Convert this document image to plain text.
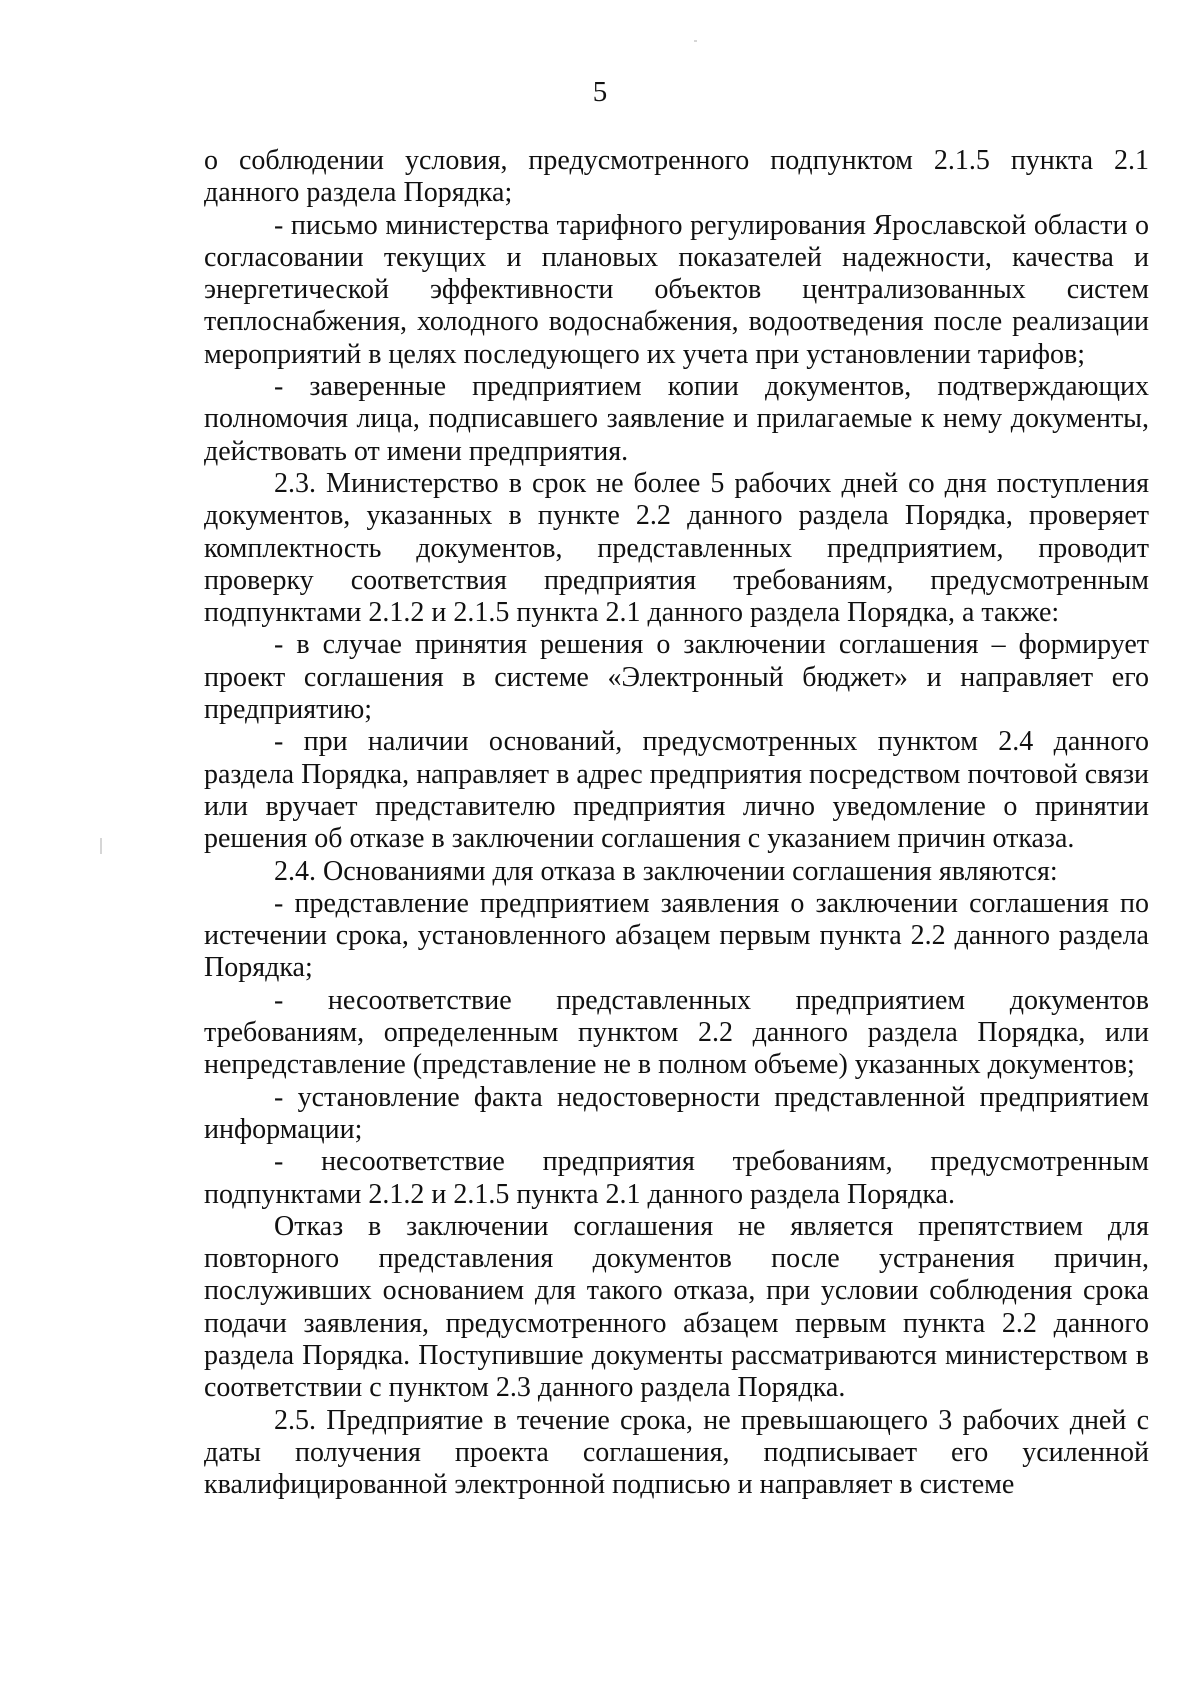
5

о соблюдении условия, предусмотренного подпунктом 2.1.5 пункта 2.1 данного раздела Порядка;

- письмо министерства тарифного регулирования Ярославской области о согласовании текущих и плановых показателей надежности, качества и энергетической эффективности объектов централизованных систем теплоснабжения, холодного водоснабжения, водоотведения после реализации мероприятий в целях последующего их учета при установлении тарифов;

- заверенные предприятием копии документов, подтверждающих полномочия лица, подписавшего заявление и прилагаемые к нему документы, действовать от имени предприятия.

2.3. Министерство в срок не более 5 рабочих дней со дня поступления документов, указанных в пункте 2.2 данного раздела Порядка, проверяет комплектность документов, представленных предприятием, проводит проверку соответствия предприятия требованиям, предусмотренным подпунктами 2.1.2 и 2.1.5 пункта 2.1 данного раздела Порядка, а также:

- в случае принятия решения о заключении соглашения – формирует проект соглашения в системе «Электронный бюджет» и направляет его предприятию;

- при наличии оснований, предусмотренных пунктом 2.4 данного раздела Порядка, направляет в адрес предприятия посредством почтовой связи или вручает представителю предприятия лично уведомление о принятии решения об отказе в заключении соглашения с указанием причин отказа.

2.4. Основаниями для отказа в заключении соглашения являются:

- представление предприятием заявления о заключении соглашения по истечении срока, установленного абзацем первым пункта 2.2 данного раздела Порядка;

- несоответствие представленных предприятием документов требованиям, определенным пунктом 2.2 данного раздела Порядка, или непредставление (представление не в полном объеме) указанных документов;

- установление факта недостоверности представленной предприятием информации;

- несоответствие предприятия требованиям, предусмотренным подпунктами 2.1.2 и 2.1.5 пункта 2.1 данного раздела Порядка.

Отказ в заключении соглашения не является препятствием для повторного представления документов после устранения причин, послуживших основанием для такого отказа, при условии соблюдения срока подачи заявления, предусмотренного абзацем первым пункта 2.2 данного раздела Порядка. Поступившие документы рассматриваются министерством в соответствии с пунктом 2.3 данного раздела Порядка.

2.5. Предприятие в течение срока, не превышающего 3 рабочих дней с даты получения проекта соглашения, подписывает его усиленной квалифицированной электронной подписью и направляет в системе
